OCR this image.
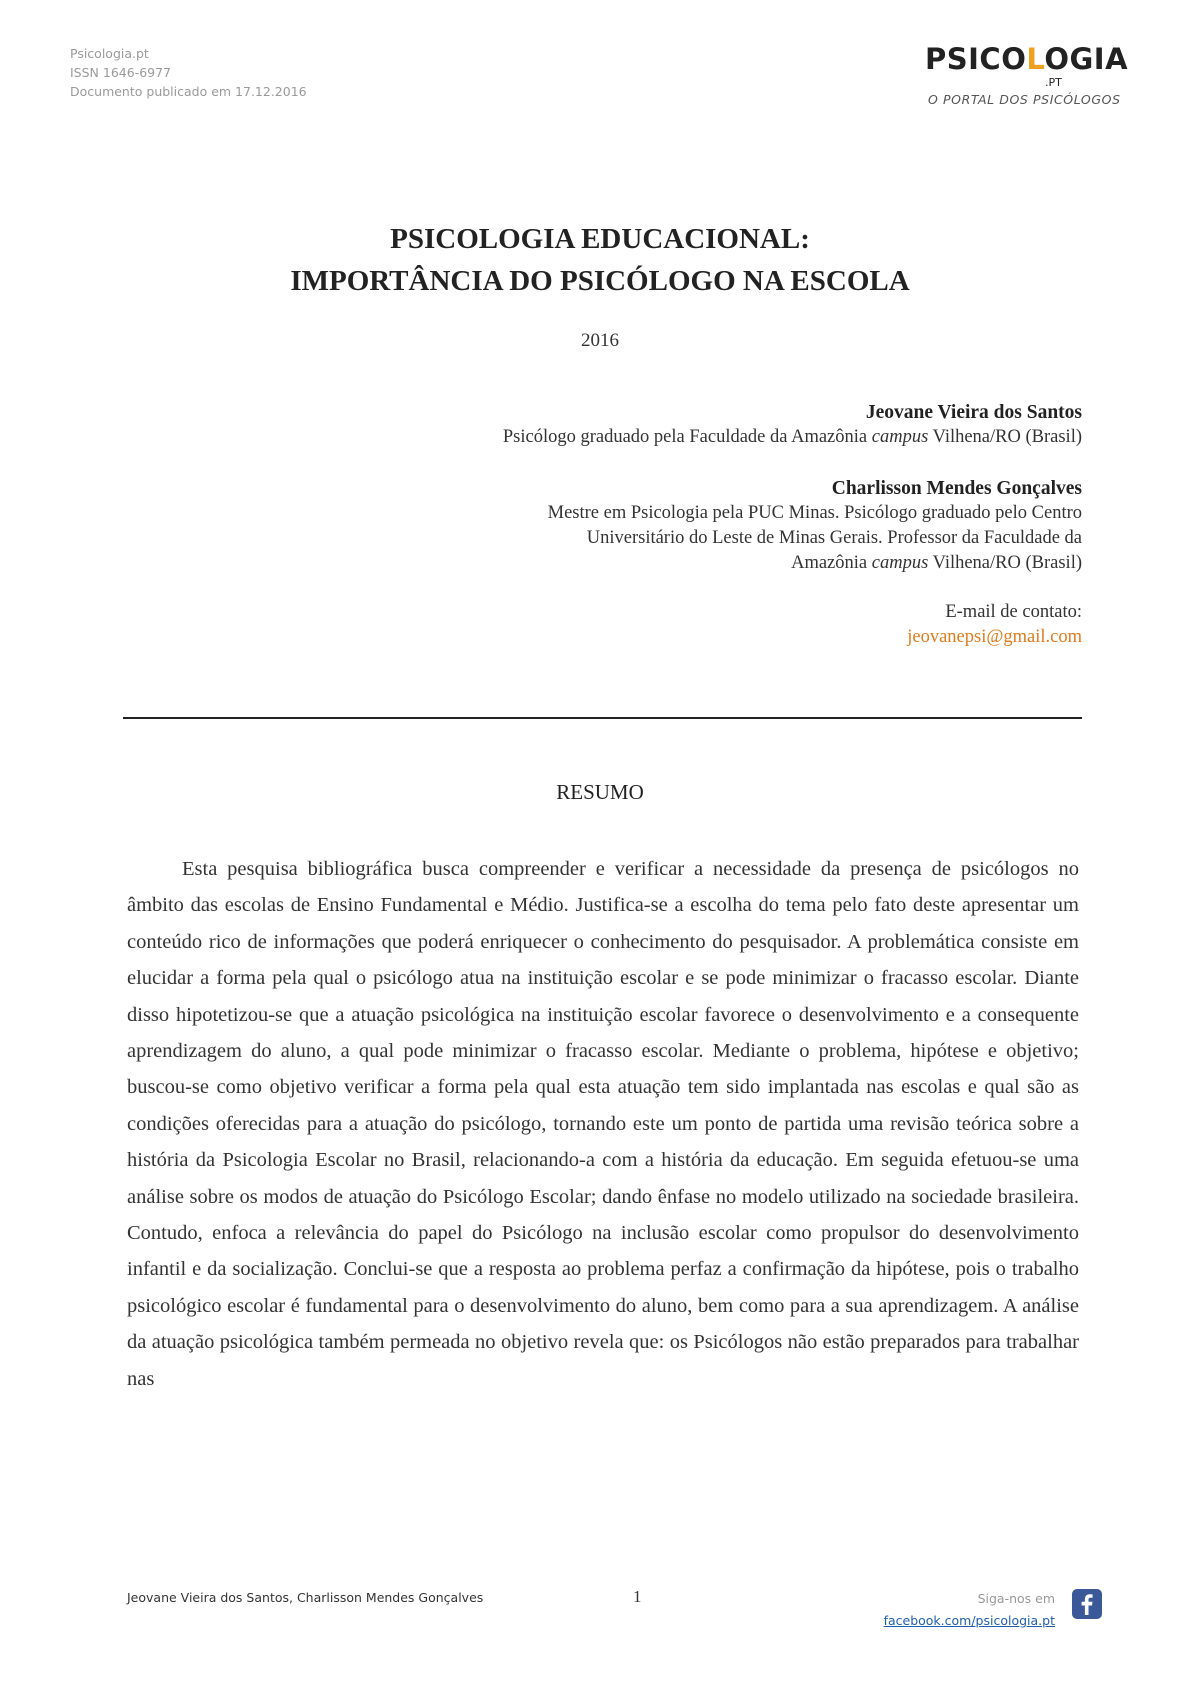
Psicologia.pt
ISSN 1646-6977
Documento publicado em 17.12.2016
PSICOLOGIA
.PT
O PORTAL DOS PSICÓLOGOS
PSICOLOGIA EDUCACIONAL:
IMPORTÂNCIA DO PSICÓLOGO NA ESCOLA
2016
Jeovane Vieira dos Santos
Psicólogo graduado pela Faculdade da Amazônia campus Vilhena/RO (Brasil)
Charlisson Mendes Gonçalves
Mestre em Psicologia pela PUC Minas. Psicólogo graduado pelo Centro
Universitário do Leste de Minas Gerais. Professor da Faculdade da
Amazônia campus Vilhena/RO (Brasil)
E-mail de contato:
jeovanepsi@gmail.com
RESUMO
Esta pesquisa bibliográfica busca compreender e verificar a necessidade da presença de psicólogos no âmbito das escolas de Ensino Fundamental e Médio. Justifica-se a escolha do tema pelo fato deste apresentar um conteúdo rico de informações que poderá enriquecer o conhecimento do pesquisador. A problemática consiste em elucidar a forma pela qual o psicólogo atua na instituição escolar e se pode minimizar o fracasso escolar. Diante disso hipotetizou-se que a atuação psicológica na instituição escolar favorece o desenvolvimento e a consequente aprendizagem do aluno, a qual pode minimizar o fracasso escolar. Mediante o problema, hipótese e objetivo; buscou-se como objetivo verificar a forma pela qual esta atuação tem sido implantada nas escolas e qual são as condições oferecidas para a atuação do psicólogo, tornando este um ponto de partida uma revisão teórica sobre a história da Psicologia Escolar no Brasil, relacionando-a com a história da educação. Em seguida efetuou-se uma análise sobre os modos de atuação do Psicólogo Escolar; dando ênfase no modelo utilizado na sociedade brasileira. Contudo, enfoca a relevância do papel do Psicólogo na inclusão escolar como propulsor do desenvolvimento infantil e da socialização. Conclui-se que a resposta ao problema perfaz a confirmação da hipótese, pois o trabalho psicológico escolar é fundamental para o desenvolvimento do aluno, bem como para a sua aprendizagem. A análise da atuação psicológica também permeada no objetivo revela que: os Psicólogos não estão preparados para trabalhar nas
Jeovane Vieira dos Santos, Charlisson Mendes Gonçalves	1	Siga-nos em
facebook.com/psicologia.pt
